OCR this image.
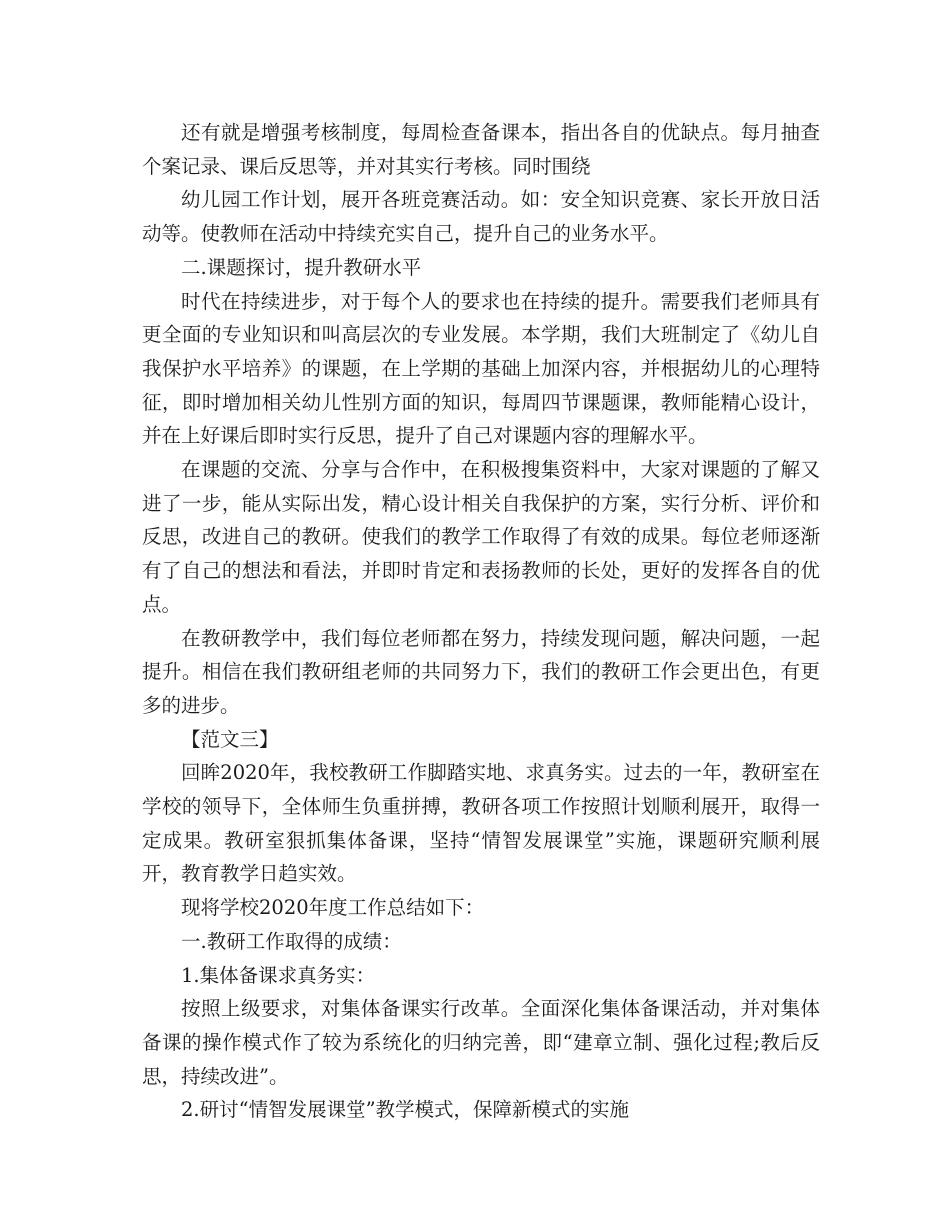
还有就是增强考核制度，每周检查备课本，指出各自的优缺点。每月抽查个案记录、课后反思等，并对其实行考核。同时围绕

幼儿园工作计划，展开各班竞赛活动。如：安全知识竞赛、家长开放日活动等。使教师在活动中持续充实自己，提升自己的业务水平。

二.课题探讨，提升教研水平

时代在持续进步，对于每个人的要求也在持续的提升。需要我们老师具有更全面的专业知识和叫高层次的专业发展。本学期，我们大班制定了《幼儿自我保护水平培养》的课题，在上学期的基础上加深内容，并根据幼儿的心理特征，即时增加相关幼儿性别方面的知识，每周四节课题课，教师能精心设计，并在上好课后即时实行反思，提升了自己对课题内容的理解水平。

在课题的交流、分享与合作中，在积极搜集资料中，大家对课题的了解又进了一步，能从实际出发，精心设计相关自我保护的方案，实行分析、评价和反思，改进自己的教研。使我们的教学工作取得了有效的成果。每位老师逐渐有了自己的想法和看法，并即时肯定和表扬教师的长处，更好的发挥各自的优点。

在教研教学中，我们每位老师都在努力，持续发现问题，解决问题，一起提升。相信在我们教研组老师的共同努力下，我们的教研工作会更出色，有更多的进步。

【范文三】

回眸2020年，我校教研工作脚踏实地、求真务实。过去的一年，教研室在学校的领导下，全体师生负重拼搏，教研各项工作按照计划顺利展开，取得一定成果。教研室狠抓集体备课，坚持“情智发展课堂”实施，课题研究顺利展开，教育教学日趋实效。

现将学校2020年度工作总结如下：

一.教研工作取得的成绩：

1.集体备课求真务实：

按照上级要求，对集体备课实行改革。全面深化集体备课活动，并对集体备课的操作模式作了较为系统化的归纳完善，即“建章立制、强化过程;教后反思，持续改进”。

2.研讨“情智发展课堂”教学模式，保障新模式的实施
